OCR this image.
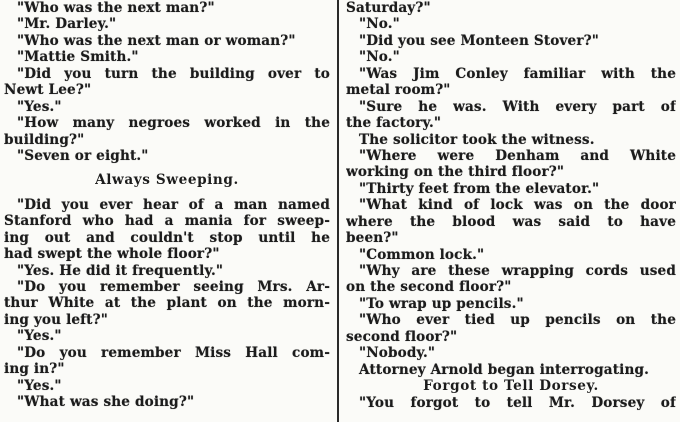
"Who was the next man?"
"Mr. Darley."
"Who was the next man or woman?"
"Mattie Smith."
"Did you turn the building over to
Newt Lee?"
"Yes."
"How many negroes worked in the
building?"
"Seven or eight."
Always Sweeping.
"Did you ever hear of a man named
Stanford who had a mania for sweep-
ing out and couldn't stop until he
had swept the whole floor?"
"Yes. He did it frequently."
"Do you remember seeing Mrs. Ar-
thur White at the plant on the morn-
ing you left?"
"Yes."
"Do you remember Miss Hall com-
ing in?"
"Yes."
"What was she doing?"
Saturday?"
"No."
"Did you see Monteen Stover?"
"No."
"Was Jim Conley familiar with the
metal room?"
"Sure he was. With every part of
the factory."
The solicitor took the witness.
"Where were Denham and White
working on the third floor?"
"Thirty feet from the elevator."
"What kind of lock was on the door
where the blood was said to have
been?"
"Common lock."
"Why are these wrapping cords used
on the second floor?"
"To wrap up pencils."
"Who ever tied up pencils on the
second floor?"
"Nobody."
Attorney Arnold began interrogating.
Forgot to Tell Dorsey.
"You forgot to tell Mr. Dorsey of
